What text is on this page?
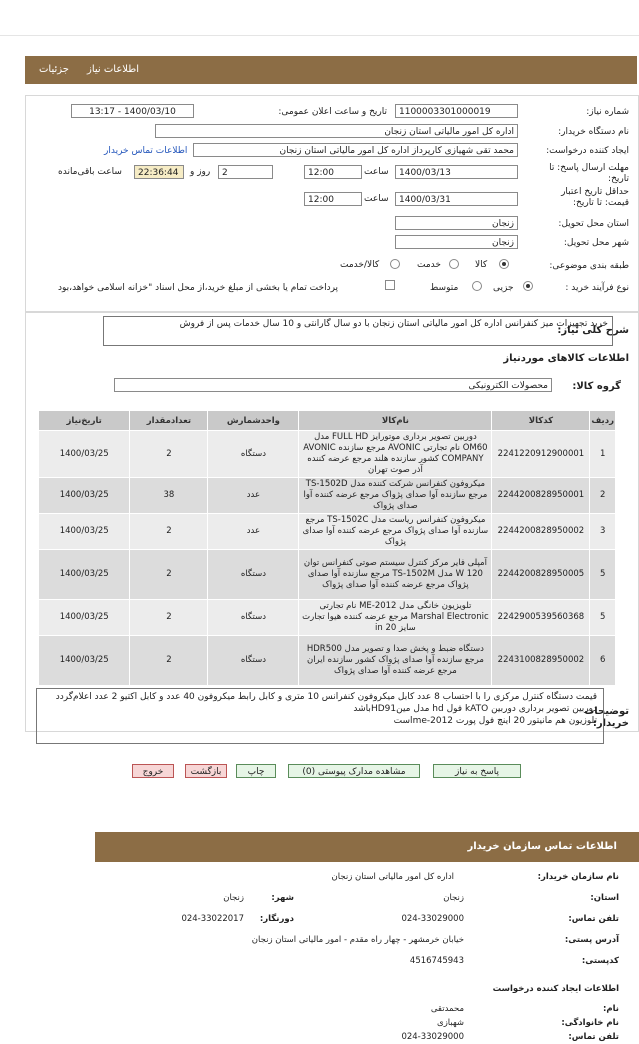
جزئیات اطلاعات نیاز
شماره نیاز:
1100003301000019
تاریخ و ساعت اعلان عمومی:
1400/03/10 - 13:17
نام دستگاه خریدار:
اداره کل امور مالیاتی استان زنجان
ایجاد کننده درخواست:
محمد تقی شهیازی کارپرداز اداره کل امور مالیاتی استان زنجان
اطلاعات تماس خریدار
مهلت ارسال پاسخ: تا تاریخ:
1400/03/13
ساعت
12:00
روز و	2
22:36:44
ساعت باقی‌مانده
حداقل تاریخ اعتبار قیمت: تا تاریخ:
1400/03/31
ساعت
12:00
استان محل تحویل:
زنجان
شهر محل تحویل:
زنجان
طبقه بندی موضوعی:
کالا
خدمت
کالا/خدمت
نوع فرآیند خرید :
جزیی
متوسط
پرداخت تمام یا بخشی از مبلغ خرید،از محل اسناد "خزانه اسلامی خواهد،بود
شرح کلی نیاز:
خرید تجهیزات میز کنفرانس اداره کل امور مالیاتی استان زنجان با دو سال گارانتی و 10 سال خدمات پس از فروش
اطلاعات کالاهای موردنیاز
گروه کالا:
محصولات الکترونیکی
ردیف	کدکالا	نام‌کالا	واحد‌شمارش	تعداد‌مقدار	تاریخ‌نیاز
1	2241220912900001	دوربین تصویر برداری موتورایز FULL HD مدل OM60 نام تجارتی AVONIC مرجع سازنده AVONIC COMPANY کشور سازنده هلند مرجع عرضه کننده آذر صوت تهران	دستگاه	2	1400/03/25
2	2244200828950001	میکروفون کنفرانس شرکت کننده مدل TS-1502D مرجع سازنده آوا صدای پژواک مرجع عرضه کننده آوا صدای پژواک	عدد	38	1400/03/25
3	2244200828950002	میکروفون کنفرانس ریاست مدل TS-1502C مرجع سازنده آوا صدای پژواک مرجع عرضه کننده آوا صدای پژواک	عدد	2	1400/03/25
5	2244200828950005	آمپلی فایر مرکز کنترل سیستم صوتی کنفرانس توان W 120 مدل TS-1502M مرجع سازنده آوا صدای پژواک مرجع عرضه کننده آوا صدای پژواک	دستگاه	2	1400/03/25
5	2242900539560368	تلویزیون خانگی مدل ME-2012 نام تجارتی Marshal Electronic مرجع عرضه کننده هیوا تجارت سایز 20 in	دستگاه	2	1400/03/25
6	2243100828950002	دستگاه ضبط و پخش صدا و تصویر مدل HDR500 مرجع سازنده آوا صدای پژواک کشور سازنده ایران مرجع عرضه کننده آوا صدای پژواک	دستگاه	2	1400/03/25
توضیحات خریدار:
قیمت دستگاه کنترل مرکزی را با احتساب 8 عدد کابل میکروفون کنفرانس 10 متری و کابل رابط میکروفون 40 عدد و کابل اکتیو 2 عدد اعلام‌گردد
دوربین تصویر برداری دوربین kATO فول hd مدل مینHD91باشد
تلوزیون هم مانیتور 20 اینچ فول پورت me-2012است
پاسخ به نیاز
مشاهده مدارک پیوستی (0)
چاپ
بازگشت
خروج
اطلاعات تماس سازمان خریدار
نام سازمان خریدار:
اداره کل امور مالیاتی استان زنجان
استان:
زنجان
شهر:
زنجان
تلفن تماس:
024-33029000
دورنگار:
024-33022017
آدرس پستی:
خیابان خرمشهر - چهار راه مقدم - امور مالیاتی استان زنجان
کدپستی:
4516745943
اطلاعات ایجاد کننده درخواست
نام:
محمدتقی
نام خانوادگی:
شهبازی
تلفن تماس:
024-33029000
